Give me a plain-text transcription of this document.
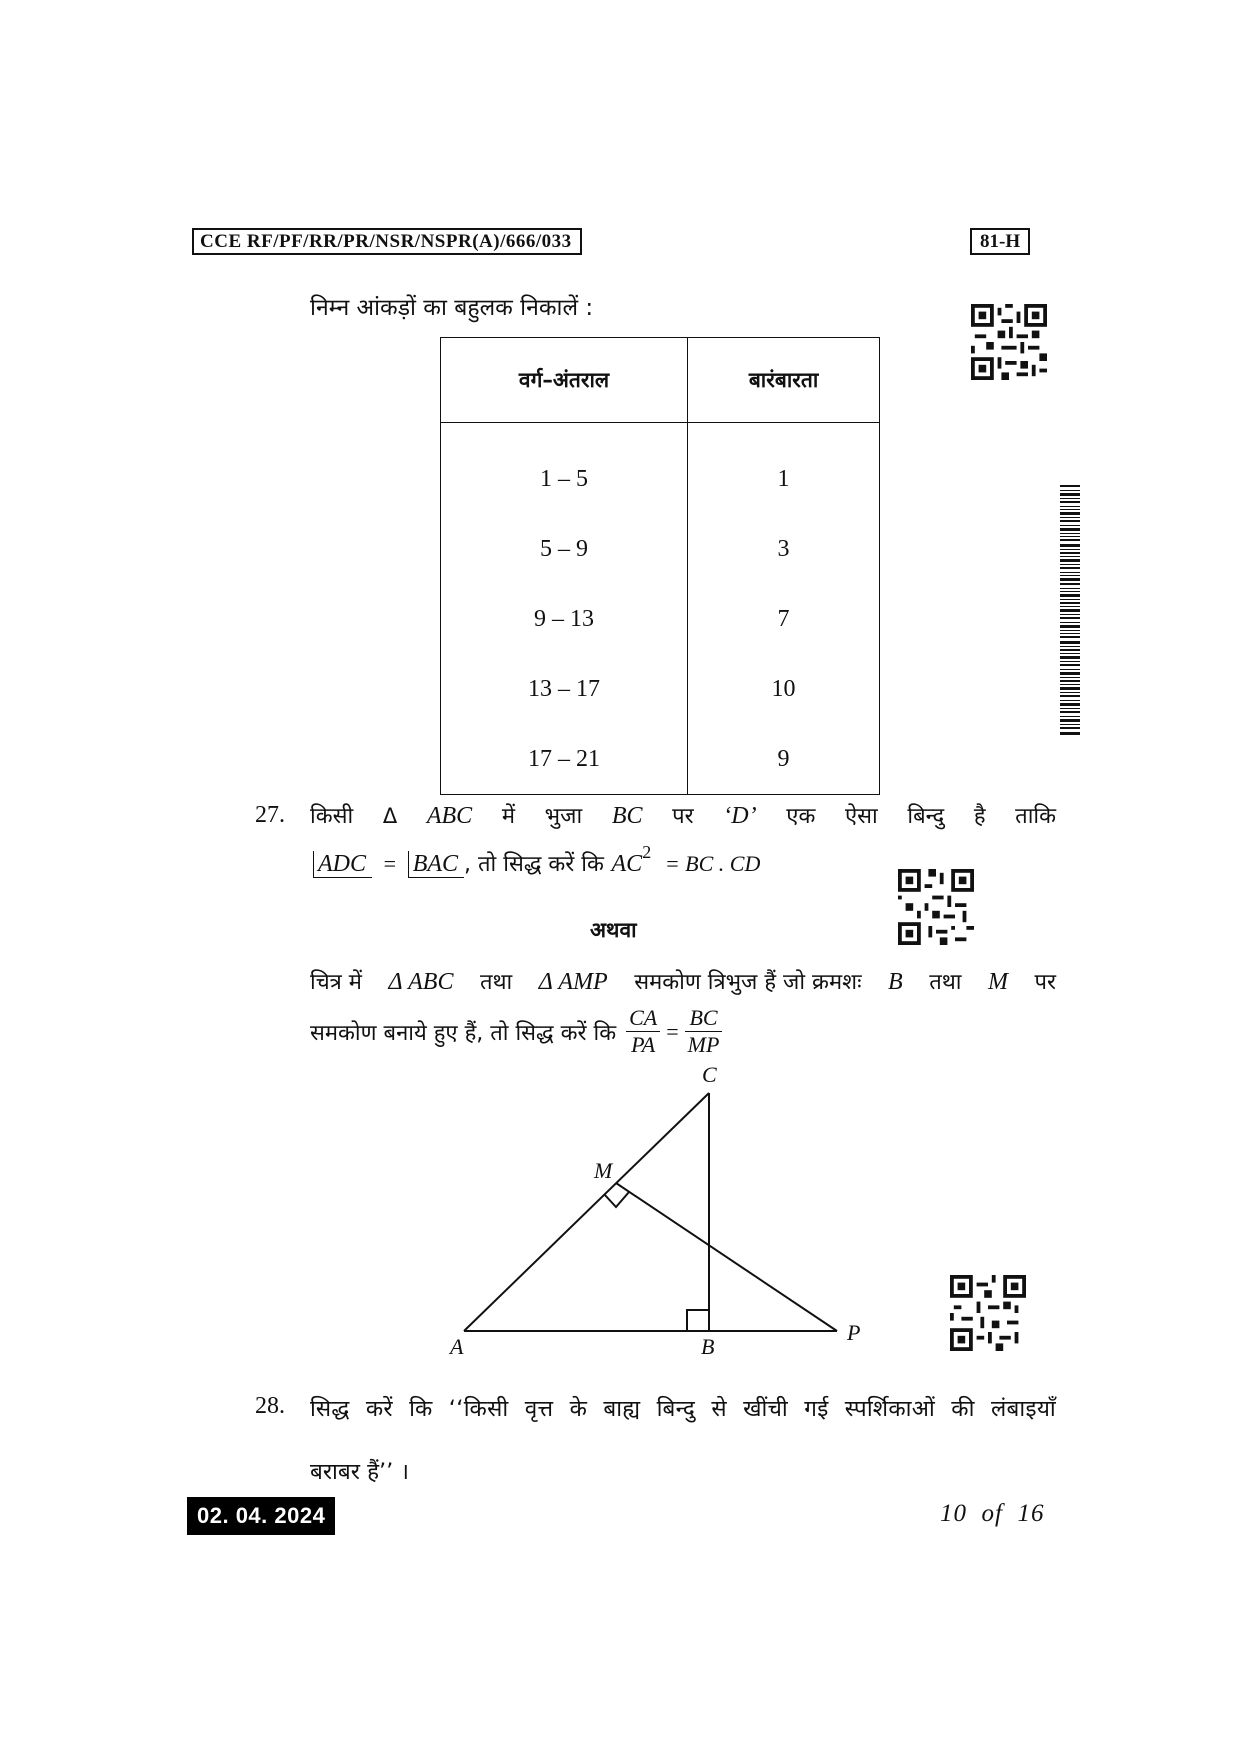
CCE RF/PF/RR/PR/NSR/NSPR(A)/666/033	81-H
निम्न आंकड़ों का बहुलक निकालें :
वर्ग–अंतराल	बारंबारता
1 – 5	1
5 – 9	3
9 – 13	7
13 – 17	10
17 – 21	9
27. किसी Δ ABC में भुजा BC पर ‘D’ एक ऐसा बिन्दु है ताकि
ADC = BAC , तो सिद्ध करें कि $AC^2$ = BC . CD
अथवा
चित्र में Δ ABC तथा Δ AMP समकोण त्रिभुज हैं जो क्रमशः B तथा M पर
समकोण बनाये हुए हैं, तो सिद्ध करें कि $\frac{CA}{PA} = \frac{BC}{MP}$
C
M
A	B
P
28. सिद्ध करें कि ‘‘किसी वृत्त के बाह्य बिन्दु से खींची गई स्पर्शिकाओं की लंबाइयाँ
बराबर हैं’’ ।
02. 04. 2024	10  of  16
